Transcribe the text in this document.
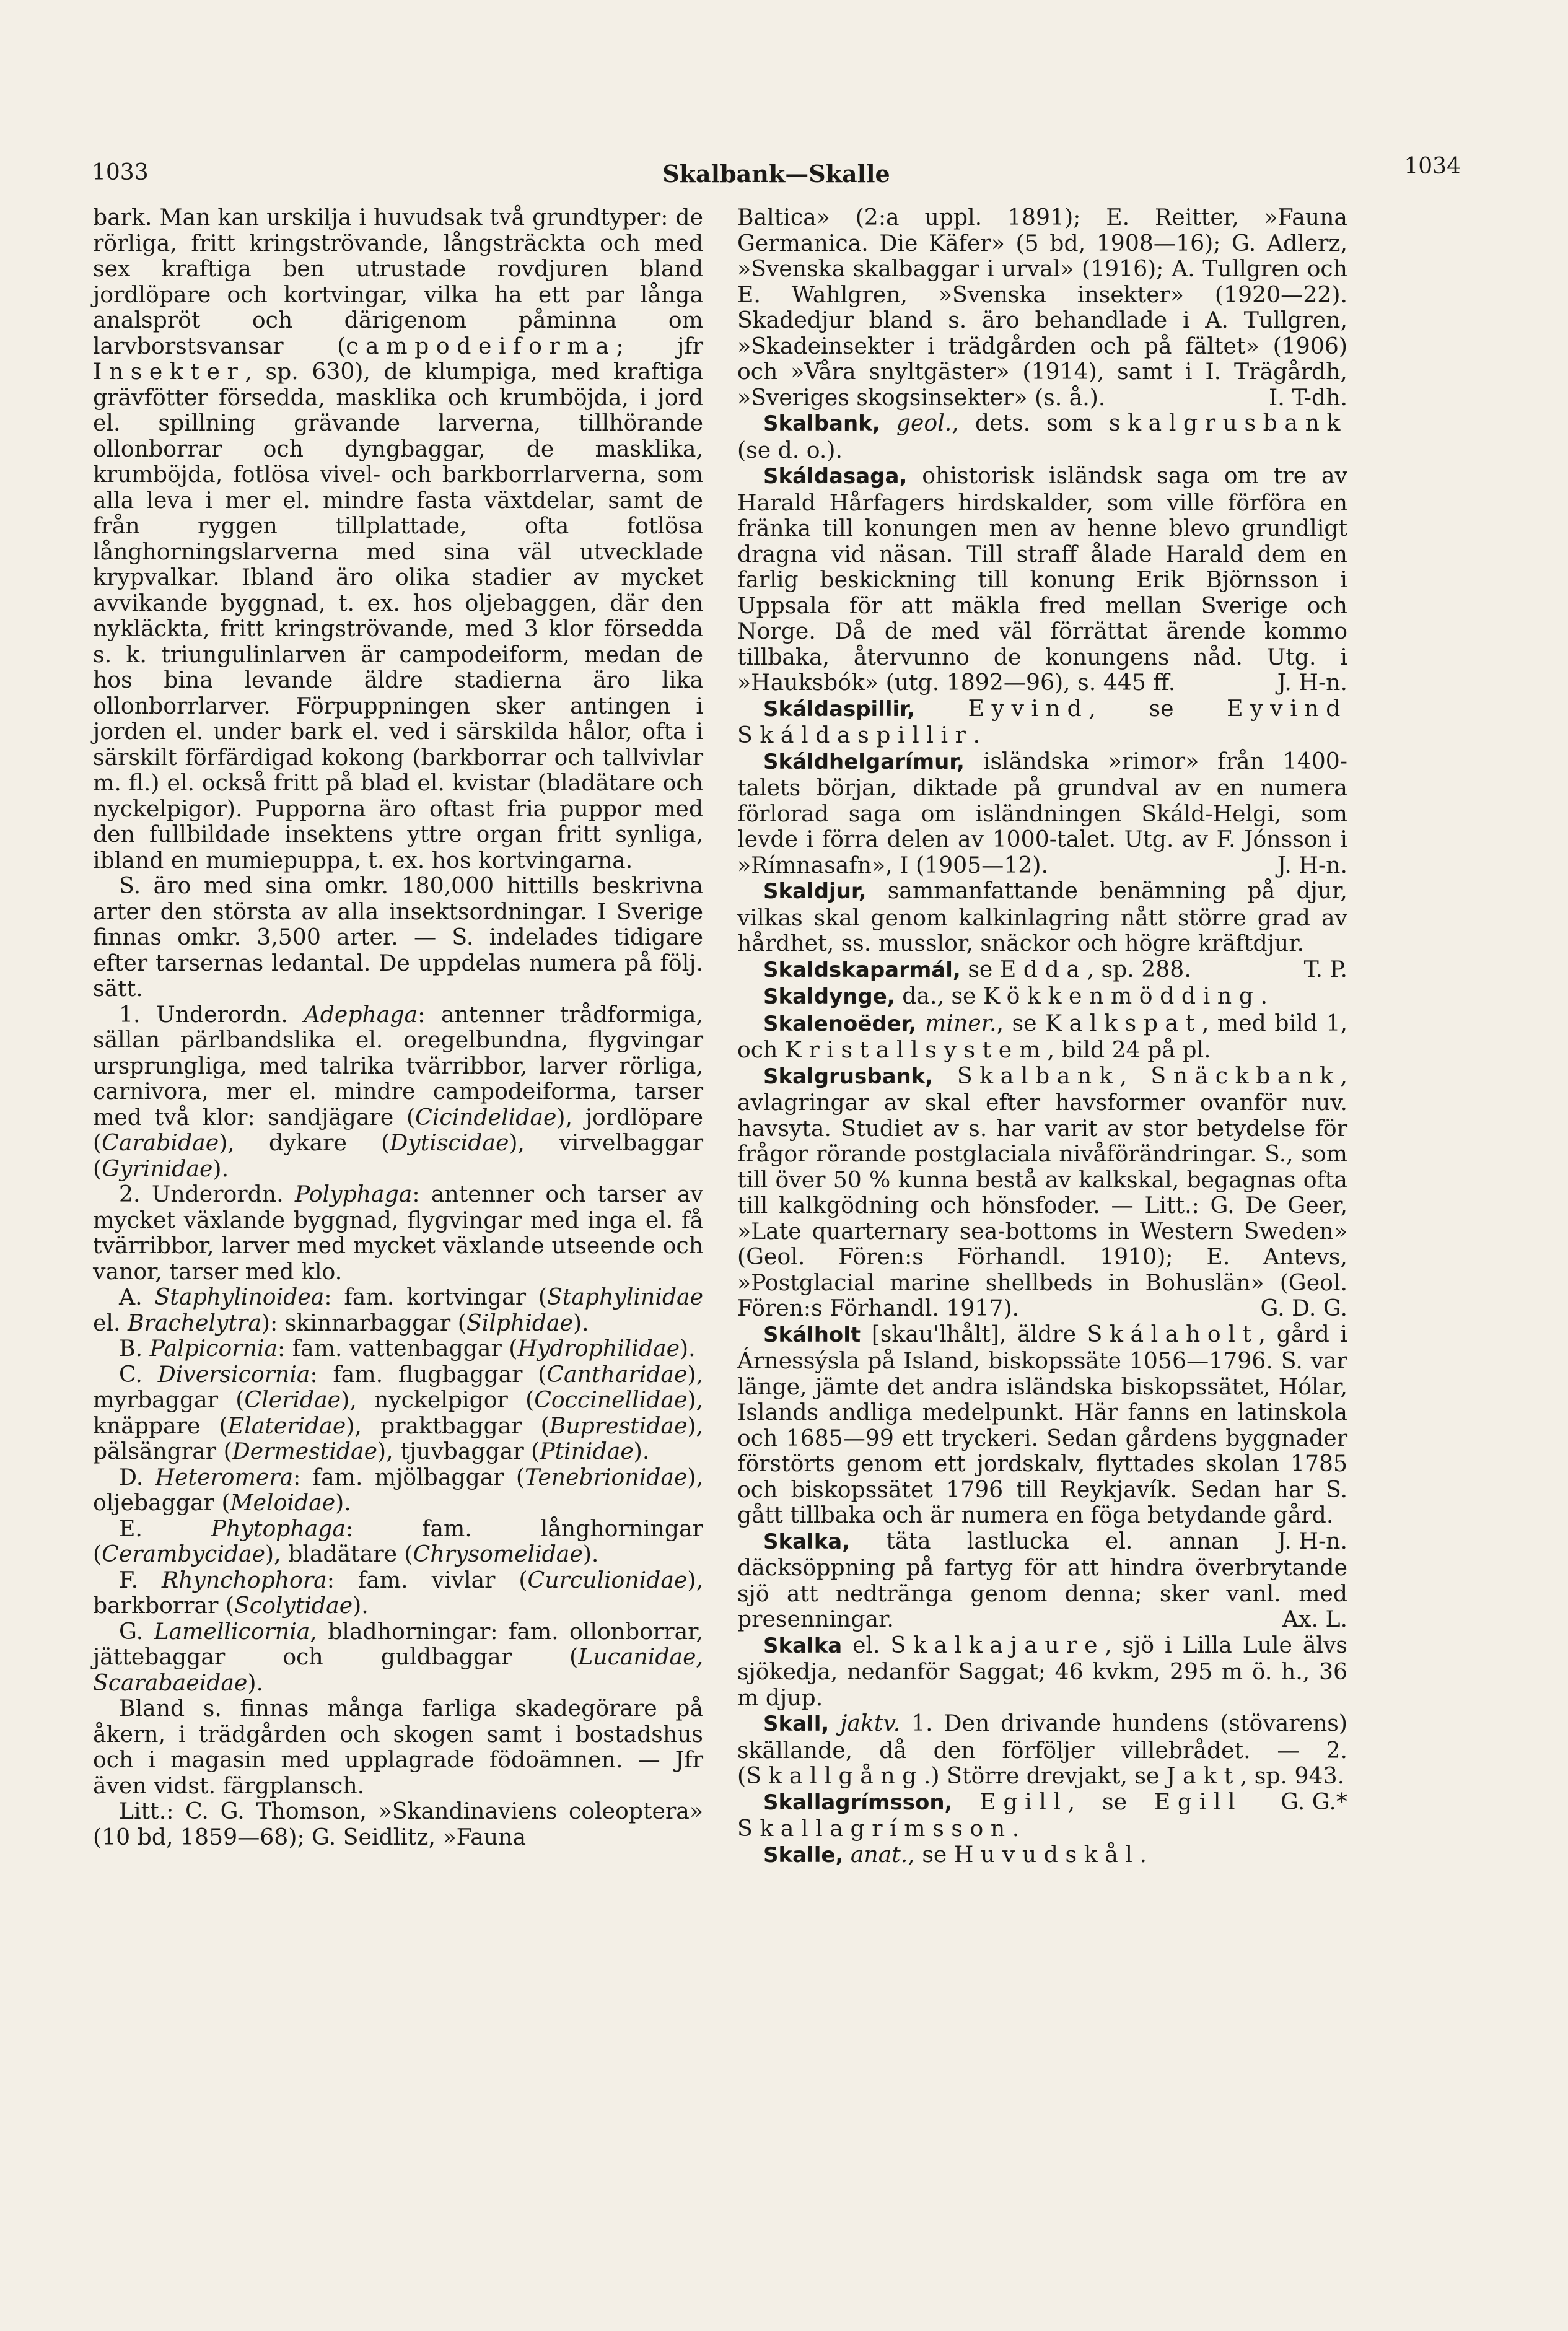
1033	Skalbank—Skalle	1034

bark. Man kan urskilja i huvudsak två grundtyper: de rörliga, fritt kringströvande, långsträckta och med sex kraftiga ben utrustade rovdjuren bland jordlöpare och kortvingar, vilka ha ett par långa analspröt och därigenom påminna om larvborstsvansar (campodeiforma; jfr Insekter, sp. 630), de klumpiga, med kraftiga grävfötter försedda, masklika och krumböjda, i jord el. spillning grävande larverna, tillhörande ollonborrar och dyngbaggar, de masklika, krumböjda, fotlösa vivel- och barkborrlarverna, som alla leva i mer el. mindre fasta växtdelar, samt de från ryggen tillplattade, ofta fotlösa långhorningslarverna med sina väl utvecklade krypvalkar. Ibland äro olika stadier av mycket avvikande byggnad, t. ex. hos oljebaggen, där den nykläckta, fritt kringströvande, med 3 klor försedda s. k. triungulinlarven är campodeiform, medan de hos bina levande äldre stadierna äro lika ollonborrlarver. Förpuppningen sker antingen i jorden el. under bark el. ved i särskilda hålor, ofta i särskilt förfärdigad kokong (barkborrar och tallvivlar m. fl.) el. också fritt på blad el. kvistar (bladätare och nyckelpigor). Pupporna äro oftast fria puppor med den fullbildade insektens yttre organ fritt synliga, ibland en mumiepuppa, t. ex. hos kortvingarna.

S. äro med sina omkr. 180,000 hittills beskrivna arter den största av alla insektsordningar. I Sverige finnas omkr. 3,500 arter. — S. indelades tidigare efter tarsernas ledantal. De uppdelas numera på följ. sätt.

1. Underordn. Adephaga: antenner trådformiga, sällan pärlbandslika el. oregelbundna, flygvingar ursprungliga, med talrika tvärribbor, larver rörliga, carnivora, mer el. mindre campodeiforma, tarser med två klor: sandjägare (Cicindelidae), jordlöpare (Carabidae), dykare (Dytiscidae), virvelbaggar (Gyrinidae).

2. Underordn. Polyphaga: antenner och tarser av mycket växlande byggnad, flygvingar med inga el. få tvärribbor, larver med mycket växlande utseende och vanor, tarser med klo.

A. Staphylinoidea: fam. kortvingar (Staphylinidae el. Brachelytra): skinnarbaggar (Silphidae).

B. Palpicornia: fam. vattenbaggar (Hydrophilidae).

C. Diversicornia: fam. flugbaggar (Cantharidae), myrbaggar (Cleridae), nyckelpigor (Coccinellidae), knäppare (Elateridae), praktbaggar (Buprestidae), pälsängrar (Dermestidae), tjuvbaggar (Ptinidae).

D. Heteromera: fam. mjölbaggar (Tenebrionidae), oljebaggar (Meloidae).

E. Phytophaga: fam. långhorningar (Cerambycidae), bladätare (Chrysomelidae).

F. Rhynchophora: fam. vivlar (Curculionidae), barkborrar (Scolytidae).

G. Lamellicornia, bladhorningar: fam. ollonborrar, jättebaggar och guldbaggar (Lucanidae, Scarabaeidae).

Bland s. finnas många farliga skadegörare på åkern, i trädgården och skogen samt i bostadshus och i magasin med upplagrade födoämnen. — Jfr även vidst. färgplansch.

Litt.: C. G. Thomson, »Skandinaviens coleoptera» (10 bd, 1859—68); G. Seidlitz, »Fauna

Baltica» (2:a uppl. 1891); E. Reitter, »Fauna Germanica. Die Käfer» (5 bd, 1908—16); G. Adlerz, »Svenska skalbaggar i urval» (1916); A. Tullgren och E. Wahlgren, »Svenska insekter» (1920—22). Skadedjur bland s. äro behandlade i A. Tullgren, »Skadeinsekter i trädgården och på fältet» (1906) och »Våra snyltgäster» (1914), samt i I. Trägårdh, »Sveriges skogsinsekter» (s. å.).	I. T-dh.

Skalbank, geol., dets. som skalgrusbank (se d. o.).

Skáldasaga, ohistorisk isländsk saga om tre av Harald Hårfagers hirdskalder, som ville förföra en fränka till konungen men av henne blevo grundligt dragna vid näsan. Till straff ålade Harald dem en farlig beskickning till konung Erik Björnsson i Uppsala för att mäkla fred mellan Sverige och Norge. Då de med väl förrättat ärende kommo tillbaka, återvunno de konungens nåd. Utg. i »Hauksbók» (utg. 1892—96), s. 445 ff.	J. H-n.

Skáldaspillir, Eyvind, se Eyvind Skáldaspillir.

Skáldhelgarímur, isländska »rimor» från 1400-talets början, diktade på grundval av en numera förlorad saga om isländningen Skáld-Helgi, som levde i förra delen av 1000-talet. Utg. av F. Jónsson i »Rímnasafn», I (1905—12).	J. H-n.

Skaldjur, sammanfattande benämning på djur, vilkas skal genom kalkinlagring nått större grad av hårdhet, ss. musslor, snäckor och högre kräftdjur.
T. P.

Skaldskaparmál, se Edda, sp. 288.

Skaldynge, da., se Kökkenmödding.

Skalenoëder, miner., se Kalkspat, med bild 1, och Kristallsystem, bild 24 på pl.

Skalgrusbank, Skalbank, Snäckbank, avlagringar av skal efter havsformer ovanför nuv. havsyta. Studiet av s. har varit av stor betydelse för frågor rörande postglaciala nivåförändringar. S., som till över 50 % kunna bestå av kalkskal, begagnas ofta till kalkgödning och hönsfoder. — Litt.: G. De Geer, »Late quarternary sea-bottoms in Western Sweden» (Geol. Fören:s Förhandl. 1910); E. Antevs, »Postglacial marine shellbeds in Bohuslän» (Geol. Fören:s Förhandl. 1917).	G. D. G.

Skálholt [skau'lhålt], äldre Skálaholt, gård i Árnessýsla på Island, biskopssäte 1056—1796. S. var länge, jämte det andra isländska biskopssätet, Hólar, Islands andliga medelpunkt. Här fanns en latinskola och 1685—99 ett tryckeri. Sedan gårdens byggnader förstörts genom ett jordskalv, flyttades skolan 1785 och biskopssätet 1796 till Reykjavík. Sedan har S. gått tillbaka och är numera en föga betydande gård.
J. H-n.

Skalka, täta lastlucka el. annan däcksöppning på fartyg för att hindra överbrytande sjö att nedtränga genom denna; sker vanl. med presenningar.	Ax. L.

Skalka el. Skalkajaure, sjö i Lilla Lule älvs sjökedja, nedanför Saggat; 46 kvkm, 295 m ö. h., 36 m djup.

Skall, jaktv. 1. Den drivande hundens (stövarens) skällande, då den förföljer villebrådet. — 2. (Skallgång.) Större drevjakt, se Jakt, sp. 943.
G. G.*

Skallagrímsson, Egill, se Egill Skallagrímsson.

Skalle, anat., se Huvudskål.
